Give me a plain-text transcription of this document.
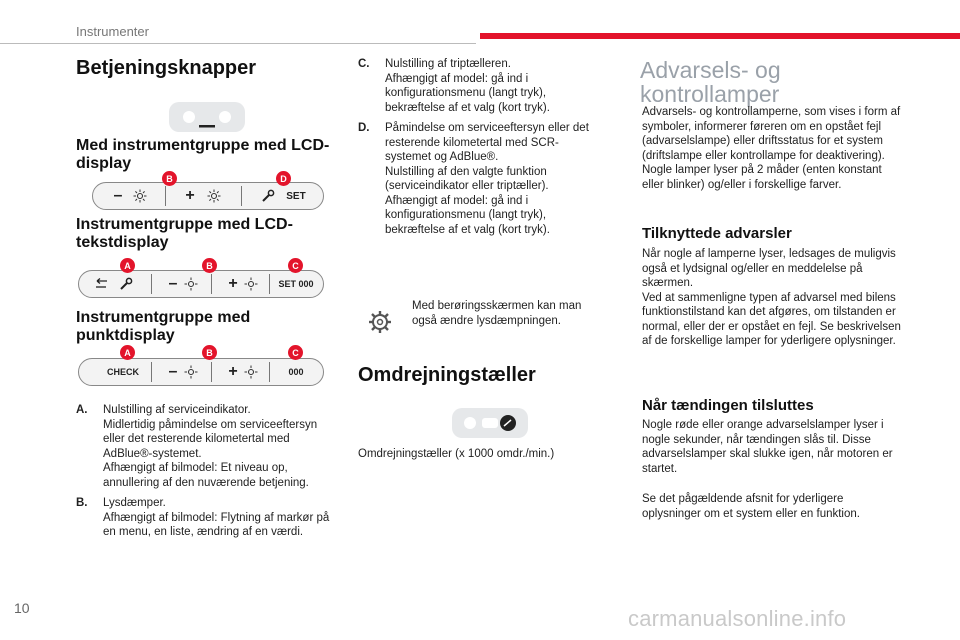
Instrumenter
Betjeningsknapper
Med instrumentgruppe med LCD-display
–	+	SET
B	D
Instrumentgruppe med LCD-tekstdisplay
–	+	SET 000
A	B	C
Instrumentgruppe med punktdisplay
CHECK –	+	000
A	B	C
A. Nulstilling af serviceindikator.
Midlertidig påmindelse om serviceeftersyn eller det resterende kilometertal med AdBlue®-systemet.
Afhængigt af bilmodel: Et niveau op, annullering af den nuværende betjening.
B. Lysdæmper.
Afhængigt af bilmodel: Flytning af markør på en menu, en liste, ændring af en værdi.
C. Nulstilling af triptælleren.
Afhængigt af model: gå ind i konfigurationsmenu (langt tryk), bekræftelse af et valg (kort tryk).
D. Påmindelse om serviceeftersyn eller det resterende kilometertal med SCR-systemet og AdBlue®.
Nulstilling af den valgte funktion (serviceindikator eller triptæller).
Afhængigt af model: gå ind i konfigurationsmenu (langt tryk), bekræftelse af et valg (kort tryk).
Med berøringsskærmen kan man også ændre lysdæmpningen.
Omdrejningstæller
Omdrejningstæller (x 1000 omdr./min.)
Advarsels- og
kontrollamper
Advarsels- og kontrollamperne, som vises i form af symboler, informerer føreren om en opstået fejl (advarselslampe) eller driftsstatus for et system (driftslampe eller kontrollampe for deaktivering). Nogle lamper lyser på 2 måder (enten konstant eller blinker) og/eller i forskellige farver.
Tilknyttede advarsler
Når nogle af lamperne lyser, ledsages de muligvis også et lydsignal og/eller en meddelelse på skærmen.
Ved at sammenligne typen af advarsel med bilens funktionstilstand kan det afgøres, om tilstanden er normal, eller der er opstået en fejl. Se beskrivelsen af de forskellige lamper for yderligere oplysninger.
Når tændingen tilsluttes
Nogle røde eller orange advarselslamper lyser i nogle sekunder, når tændingen slås til. Disse advarselslamper skal slukke igen, når motoren er startet.
Se det pågældende afsnit for yderligere oplysninger om et system eller en funktion.
10	carmanualsonline.info
